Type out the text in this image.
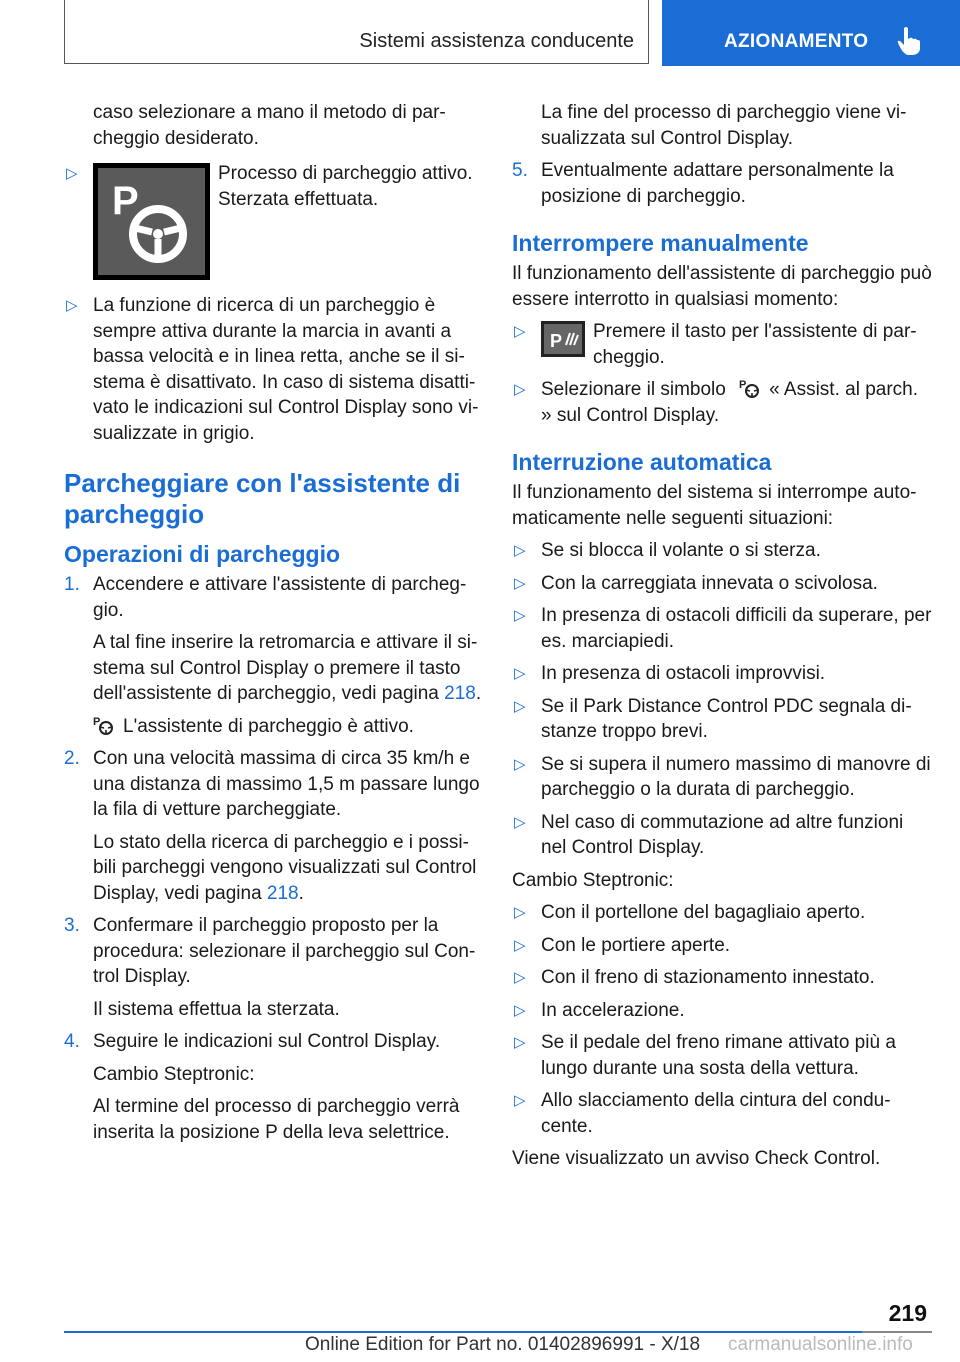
Sistemi assistenza conducente	AZIONAMENTO

caso selezionare a mano il metodo di parcheggio desiderato.

▷
P

Processo di parcheggio attivo. Sterzata effettuata.

▷ La funzione di ricerca di un parcheggio è sempre attiva durante la marcia in avanti a bassa velocità e in linea retta, anche se il sistema è disattivato. In caso di sistema disattivato le indicazioni sul Control Display sono visualizzate in grigio.
Parcheggiare con l'assistente di parcheggio
Operazioni di parcheggio
1. Accendere e attivare l'assistente di parcheggio.

A tal fine inserire la retromarcia e attivare il sistema sul Control Display o premere il tasto dell'assistente di parcheggio, vedi pagina 218.

P L'assistente di parcheggio è attivo.

2. Con una velocità massima di circa 35 km/h e una distanza di massimo 1,5 m passare lungo la fila di vetture parcheggiate.

Lo stato della ricerca di parcheggio e i possibili parcheggi vengono visualizzati sul Control Display, vedi pagina 218.

3. Confermare il parcheggio proposto per la procedura: selezionare il parcheggio sul Control Display.

Il sistema effettua la sterzata.

4. Seguire le indicazioni sul Control Display.

Cambio Steptronic:

Al termine del processo di parcheggio verrà inserita la posizione P della leva selettrice.

La fine del processo di parcheggio viene visualizzata sul Control Display.

5. Eventualmente adattare personalmente la posizione di parcheggio.

Interrompere manualmente

Il funzionamento dell'assistente di parcheggio può essere interrotto in qualsiasi momento:

▷ P Premere il tasto per l'assistente di parcheggio.

▷ Selezionare il simbolo P « Assist. al parch. » sul Control Display.
Interruzione automatica

Il funzionamento del sistema si interrompe automaticamente nelle seguenti situazioni:

▷ Se si blocca il volante o si sterza.
▷ Con la carreggiata innevata o scivolosa.
▷ In presenza di ostacoli difficili da superare, per es. marciapiedi.
▷ In presenza di ostacoli improvvisi.
▷ Se il Park Distance Control PDC segnala distanze troppo brevi.
▷ Se si supera il numero massimo di manovre di parcheggio o la durata di parcheggio.
▷ Nel caso di commutazione ad altre funzioni nel Control Display.

Cambio Steptronic:

▷ Con il portellone del bagagliaio aperto.
▷ Con le portiere aperte.
▷ Con il freno di stazionamento innestato.
▷ In accelerazione.
▷ Se il pedale del freno rimane attivato più a lungo durante una sosta della vettura.
▷ Allo slacciamento della cintura del conducente.

Viene visualizzato un avviso Check Control.

219
Online Edition for Part no. 01402896991 - X/18 carmanualsonline.info
